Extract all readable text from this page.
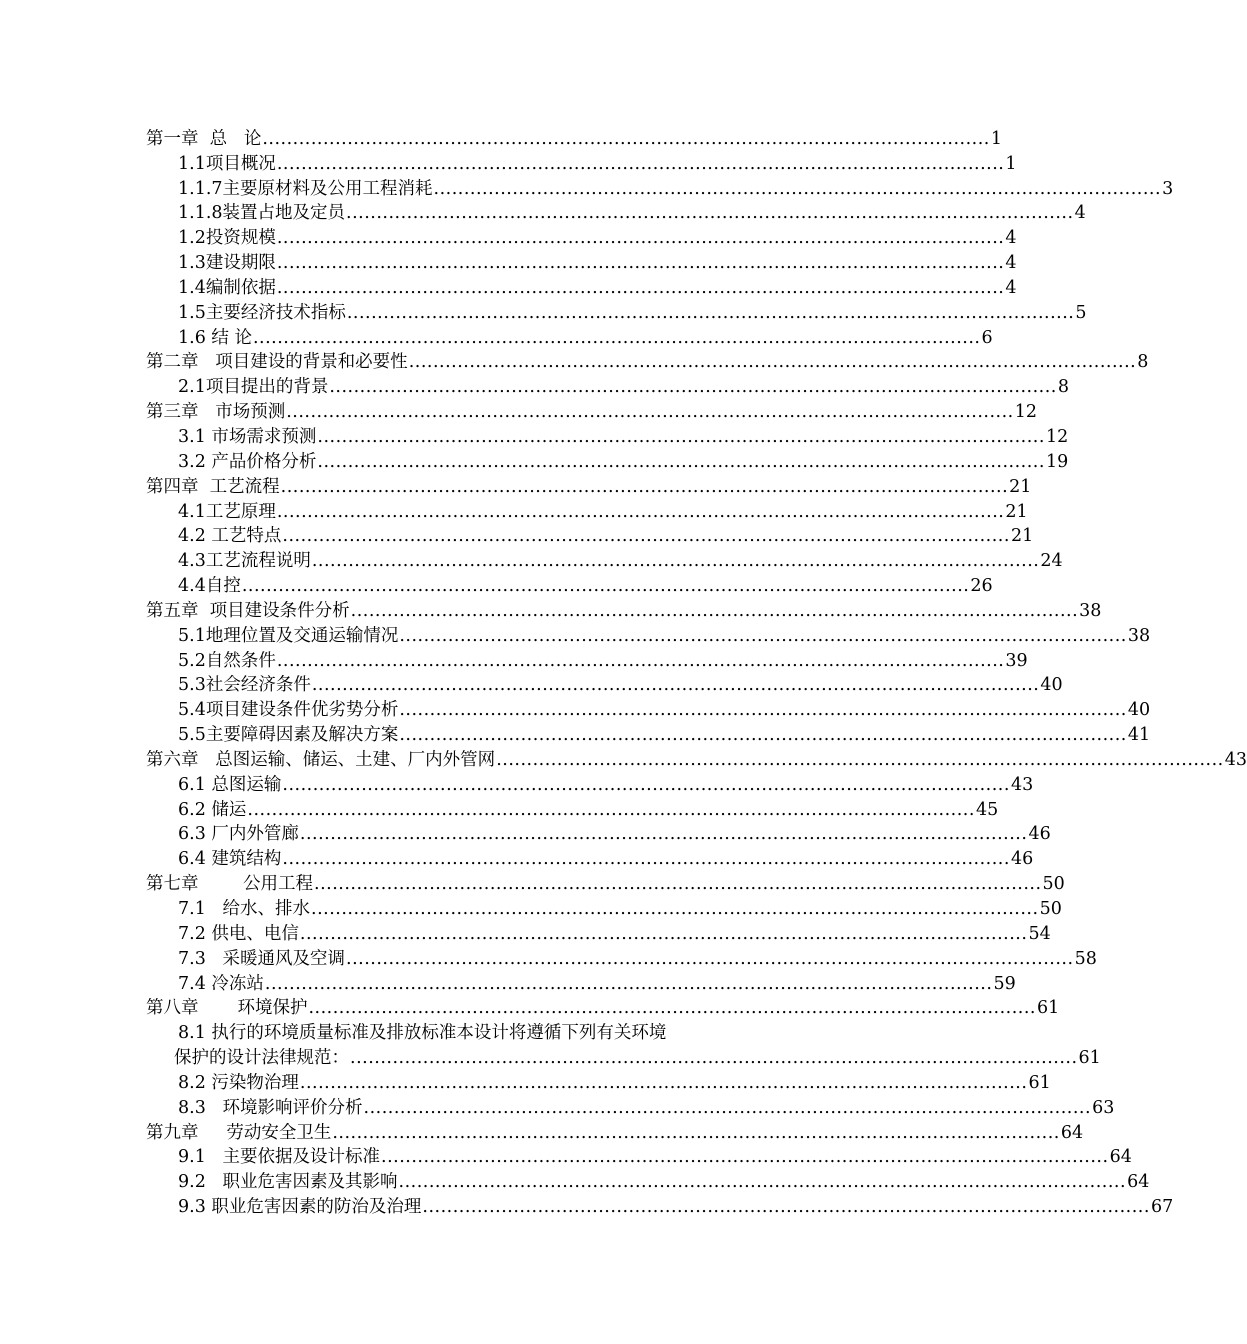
第一章  总   论 ........................................................................................................................ 1
1.1项目概况 ........................................................................................................................ 1
1.1.7主要原材料及公用工程消耗 ........................................................................................................................ 3
1.1.8装置占地及定员 ........................................................................................................................ 4
1.2投资规模 ........................................................................................................................ 4
1.3建设期限 ........................................................................................................................ 4
1.4编制依据 ........................................................................................................................ 4
1.5主要经济技术指标 ........................................................................................................................ 5
1.6 结 论 ........................................................................................................................ 6
第二章   项目建设的背景和必要性 ........................................................................................................................ 8
2.1项目提出的背景 ........................................................................................................................ 8
第三章   市场预测 ........................................................................................................................ 12
3.1 市场需求预测 ........................................................................................................................ 12
3.2 产品价格分析 ........................................................................................................................ 19
第四章  工艺流程 ........................................................................................................................ 21
4.1工艺原理 ........................................................................................................................ 21
4.2 工艺特点 ........................................................................................................................ 21
4.3工艺流程说明 ........................................................................................................................ 24
4.4自控 ........................................................................................................................ 26
第五章  项目建设条件分析 ........................................................................................................................ 38
5.1地理位置及交通运输情况 ........................................................................................................................ 38
5.2自然条件 ........................................................................................................................ 39
5.3社会经济条件 ........................................................................................................................ 40
5.4项目建设条件优劣势分析 ........................................................................................................................ 40
5.5主要障碍因素及解决方案 ........................................................................................................................ 41
第六章   总图运输、储运、土建、厂内外管网 ........................................................................................................................ 43
6.1 总图运输 ........................................................................................................................ 43
6.2 储运 ........................................................................................................................ 45
6.3 厂内外管廊 ........................................................................................................................ 46
6.4 建筑结构 ........................................................................................................................ 46
第七章        公用工程 ........................................................................................................................ 50
7.1   给水、排水 ........................................................................................................................ 50
7.2 供电、电信 ........................................................................................................................ 54
7.3   采暖通风及空调 ........................................................................................................................ 58
7.4 冷冻站 ........................................................................................................................ 59
第八章       环境保护 ........................................................................................................................ 61
8.1 执行的环境质量标准及排放标准本设计将遵循下列有关环境
保护的设计法律规范： ........................................................................................................................ 61
8.2 污染物治理 ........................................................................................................................ 61
8.3   环境影响评价分析 ........................................................................................................................ 63
第九章     劳动安全卫生 ........................................................................................................................ 64
9.1   主要依据及设计标准 ........................................................................................................................ 64
9.2   职业危害因素及其影响 ........................................................................................................................ 64
9.3 职业危害因素的防治及治理 ........................................................................................................................ 67
